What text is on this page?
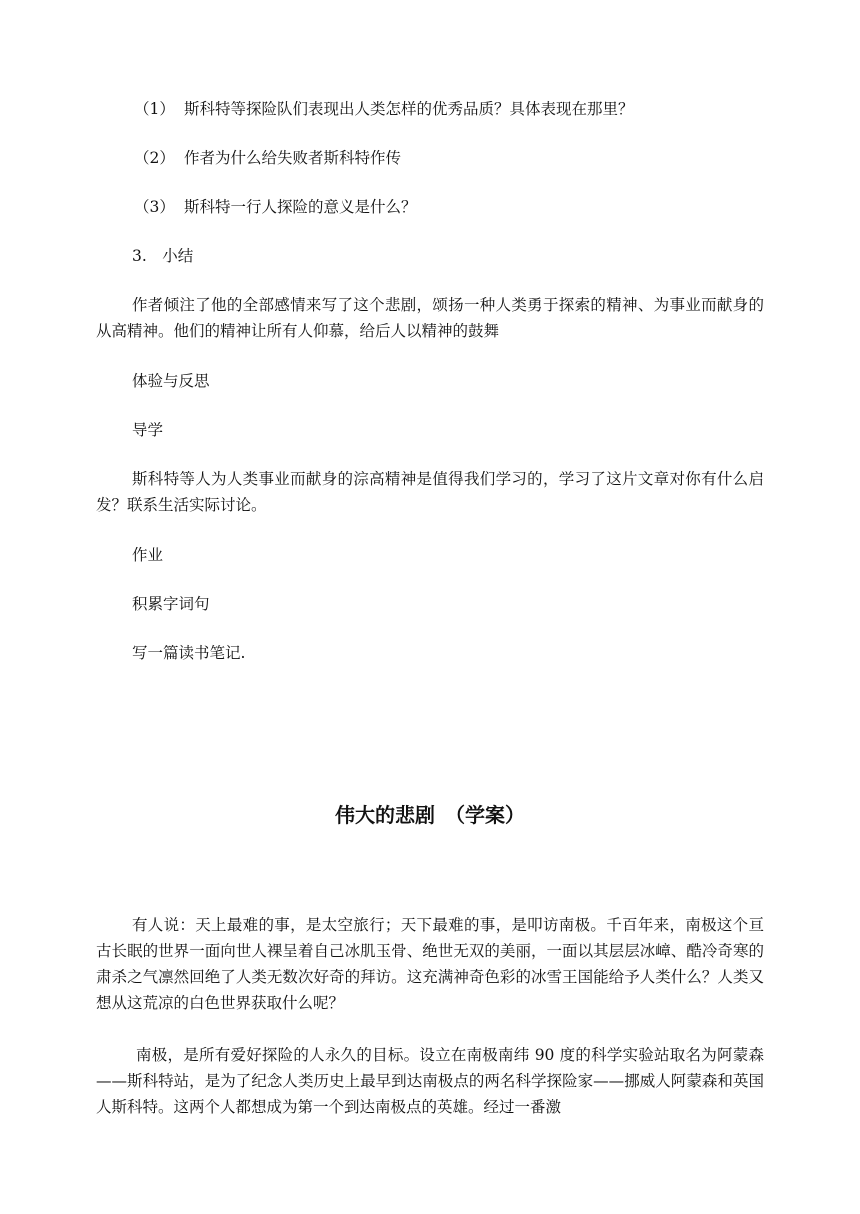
（1） 斯科特等探险队们表现出人类怎样的优秀品质？具体表现在那里？
（2） 作者为什么给失败者斯科特作传
（3） 斯科特一行人探险的意义是什么？
3.　小结
作者倾注了他的全部感情来写了这个悲剧，颂扬一种人类勇于探索的精神、为事业而献身的从高精神。他们的精神让所有人仰慕，给后人以精神的鼓舞
体验与反思
导学
斯科特等人为人类事业而献身的淙高精神是值得我们学习的，学习了这片文章对你有什么启发？联系生活实际讨论。
作业
积累字词句
写一篇读书笔记.
伟大的悲剧　（学案）
有人说：天上最难的事，是太空旅行；天下最难的事，是叩访南极。千百年来，南极这个亘古长眠的世界一面向世人裸呈着自己冰肌玉骨、绝世无双的美丽，一面以其层层冰嶂、酷冷奇寒的肃杀之气凛然回绝了人类无数次好奇的拜访。这充满神奇色彩的冰雪王国能给予人类什么？人类又想从这荒凉的白色世界获取什么呢？
南极，是所有爱好探险的人永久的目标。设立在南极南纬 90 度的科学实验站取名为阿蒙森——斯科特站，是为了纪念人类历史上最早到达南极点的两名科学探险家——挪威人阿蒙森和英国人斯科特。这两个人都想成为第一个到达南极点的英雄。经过一番激
